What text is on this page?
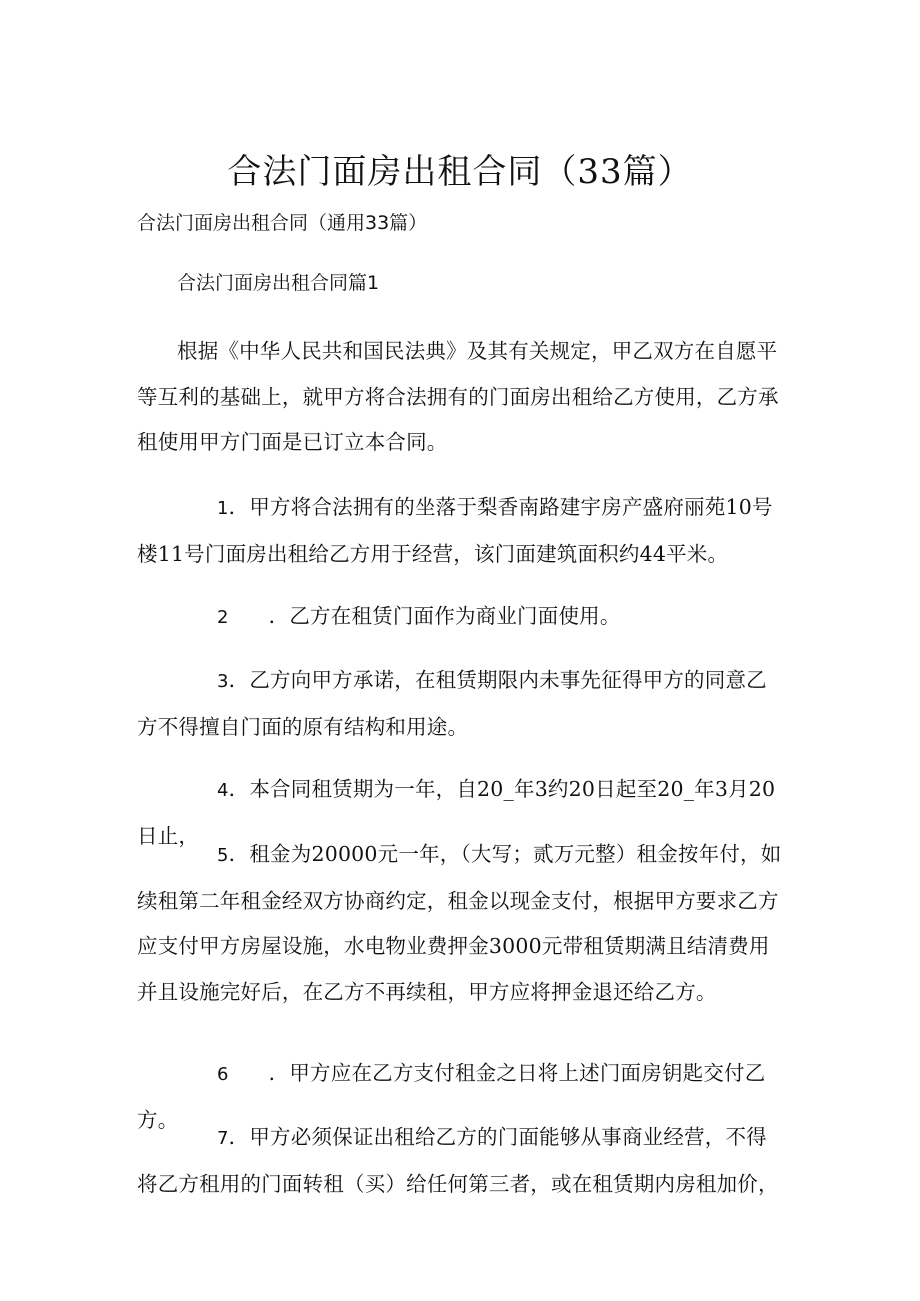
合法门面房出租合同（33篇）
合法门面房出租合同（通用33篇）
合法门面房出租合同篇1
根据《中华人民共和国民法典》及其有关规定，甲乙双方在自愿平等互利的基础上，就甲方将合法拥有的门面房出租给乙方使用，乙方承租使用甲方门面是已订立本合同。
1．甲方将合法拥有的坐落于梨香南路建宇房产盛府丽苑10号楼11号门面房出租给乙方用于经营，该门面建筑面积约44平米。
2 ．乙方在租赁门面作为商业门面使用。
3．乙方向甲方承诺，在租赁期限内未事先征得甲方的同意乙方不得擅自门面的原有结构和用途。
4．本合同租赁期为一年，自20_年3约20日起至20_年3月20日止，
5．租金为20000元一年，（大写；贰万元整）租金按年付，如续租第二年租金经双方协商约定，租金以现金支付，根据甲方要求乙方应支付甲方房屋设施，水电物业费押金3000元带租赁期满且结清费用并且设施完好后，在乙方不再续租，甲方应将押金退还给乙方。
6 ．甲方应在乙方支付租金之日将上述门面房钥匙交付乙方。
7．甲方必须保证出租给乙方的门面能够从事商业经营，不得将乙方租用的门面转租（买）给任何第三者，或在租赁期内房租加价，
